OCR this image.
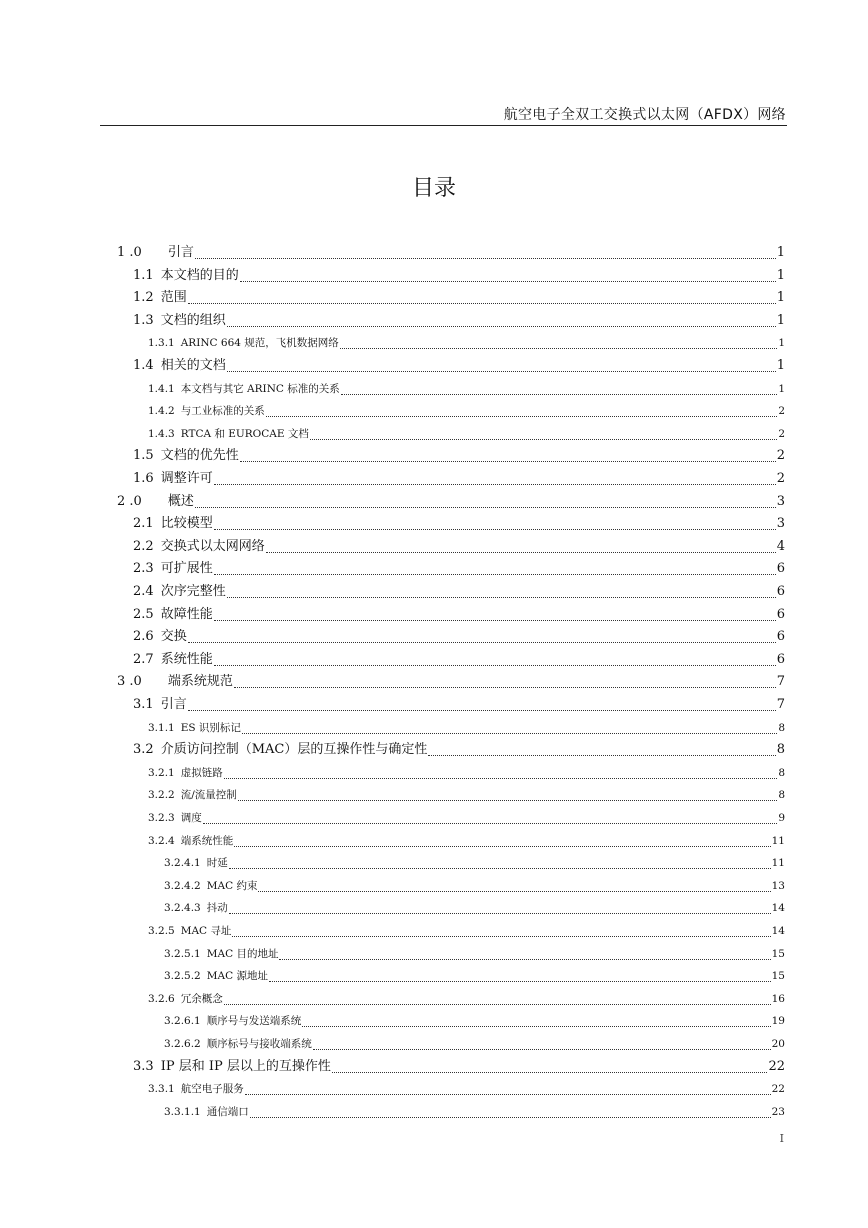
航空电子全双工交换式以太网（AFDX）网络
目录
1 .0 引言	1
1.1 本文档的目的	1
1.2 范围	1
1.3 文档的组织	1
1.3.1 ARINC 664 规范，飞机数据网络	1
1.4 相关的文档	1
1.4.1 本文档与其它 ARINC 标准的关系	1
1.4.2 与工业标准的关系	2
1.4.3 RTCA 和 EUROCAE 文档	2
1.5 文档的优先性	2
1.6 调整许可	2
2 .0 概述	3
2.1 比较模型	3
2.2 交换式以太网网络	4
2.3 可扩展性	6
2.4 次序完整性	6
2.5 故障性能	6
2.6 交换	6
2.7 系统性能	6
3 .0 端系统规范	7
3.1 引言	7
3.1.1 ES 识别标记	8
3.2 介质访问控制（MAC）层的互操作性与确定性	8
3.2.1 虚拟链路	8
3.2.2 流/流量控制	8
3.2.3 调度	9
3.2.4 端系统性能	11
3.2.4.1 时延	11
3.2.4.2 MAC 约束	13
3.2.4.3 抖动	14
3.2.5 MAC 寻址	14
3.2.5.1 MAC 目的地址	15
3.2.5.2 MAC 源地址	15
3.2.6 冗余概念	16
3.2.6.1 顺序号与发送端系统	19
3.2.6.2 顺序标号与接收端系统	20
3.3 IP 层和 IP 层以上的互操作性	22
3.3.1 航空电子服务	22
3.3.1.1 通信端口	23
I
